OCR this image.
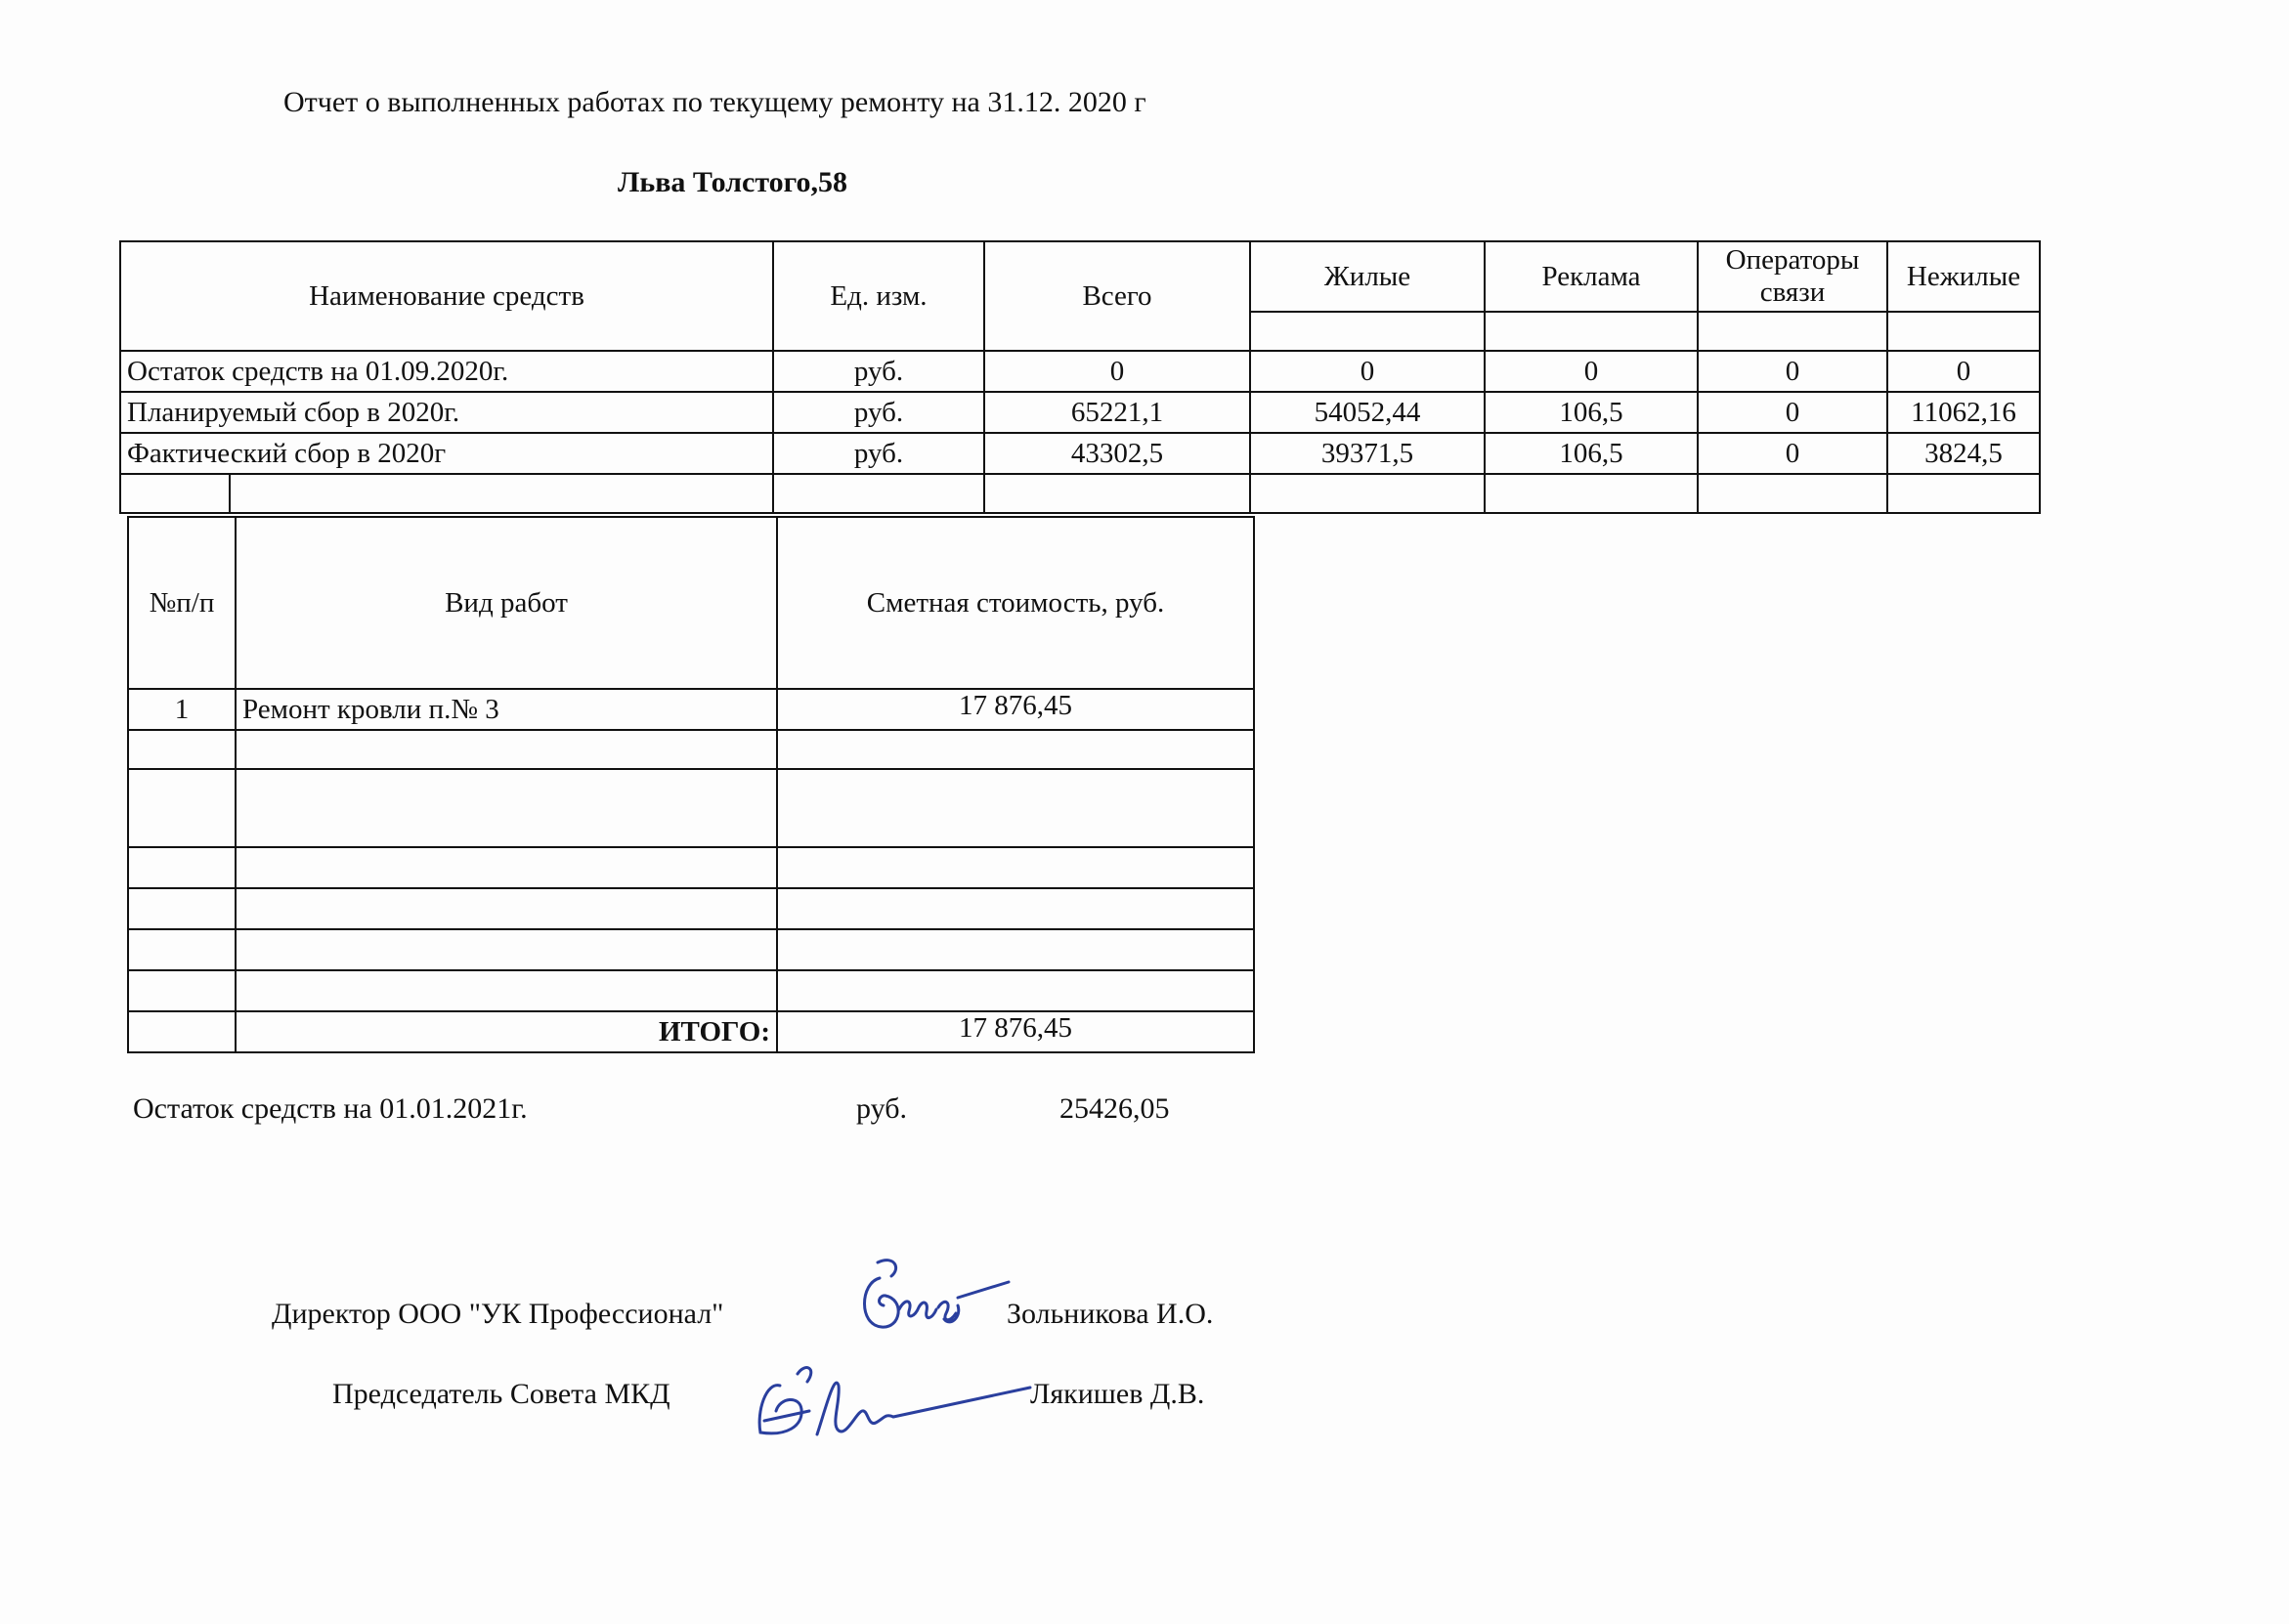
Отчет о выполненных работах по текущему ремонту на 31.12. 2020 г
Льва Толстого,58
Наименование средств	Ед. изм.	Всего	Жилые	Реклама	Операторы связи	Нежилые

Остаток средств на 01.09.2020г.	руб.	0	0	0	0	0
Планируемый сбор в 2020г.	руб.	65221,1	54052,44	106,5	0	11062,16
Фактический сбор в 2020г	руб.	43302,5	39371,5	106,5	0	3824,5

№п/п	Вид работ	Сметная стоимость, руб.
1	Ремонт кровли п.№ 3	17 876,45

	ИТОГО:	17 876,45
Остаток средств на 01.01.2021г.	руб.	25426,05
Директор ООО "УК Профессионал"	Зольникова И.О.
Председатель Совета МКД	Лякишев Д.В.
